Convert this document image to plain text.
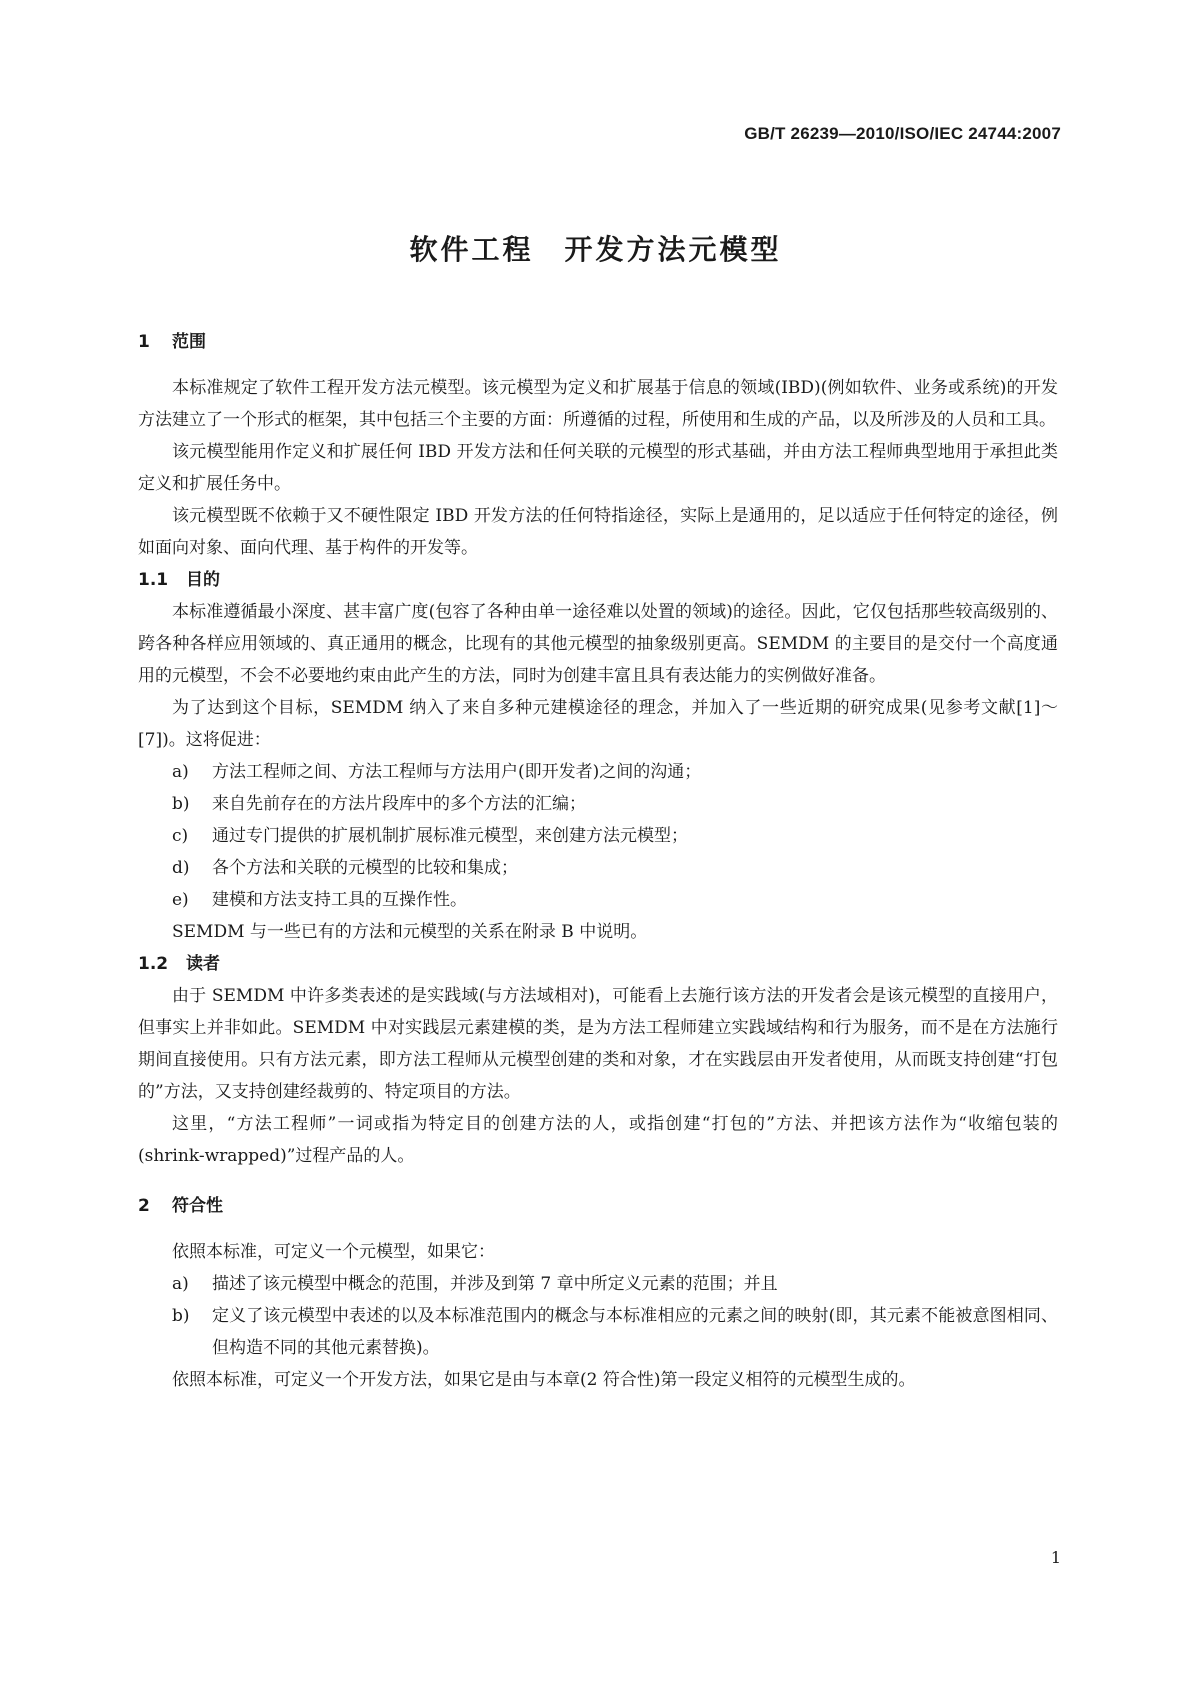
GB/T 26239—2010/ISO/IEC 24744:2007
软件工程　开发方法元模型
1	范围

本标准规定了软件工程开发方法元模型。该元模型为定义和扩展基于信息的领域(IBD)(例如软件、业务或系统)的开发方法建立了一个形式的框架，其中包括三个主要的方面：所遵循的过程，所使用和生成的产品，以及所涉及的人员和工具。

该元模型能用作定义和扩展任何 IBD 开发方法和任何关联的元模型的形式基础，并由方法工程师典型地用于承担此类定义和扩展任务中。

该元模型既不依赖于又不硬性限定 IBD 开发方法的任何特指途径，实际上是通用的，足以适应于任何特定的途径，例如面向对象、面向代理、基于构件的开发等。

1.1	目的

本标准遵循最小深度、甚丰富广度(包容了各种由单一途径难以处置的领域)的途径。因此，它仅包括那些较高级别的、跨各种各样应用领域的、真正通用的概念，比现有的其他元模型的抽象级别更高。SEMDM 的主要目的是交付一个高度通用的元模型，不会不必要地约束由此产生的方法，同时为创建丰富且具有表达能力的实例做好准备。

为了达到这个目标，SEMDM 纳入了来自多种元建模途径的理念，并加入了一些近期的研究成果(见参考文献[1]～[7])。这将促进：

a)	方法工程师之间、方法工程师与方法用户(即开发者)之间的沟通；
b)	来自先前存在的方法片段库中的多个方法的汇编；
c)	通过专门提供的扩展机制扩展标准元模型，来创建方法元模型；
d)	各个方法和关联的元模型的比较和集成；
e)	建模和方法支持工具的互操作性。

SEMDM 与一些已有的方法和元模型的关系在附录 B 中说明。

1.2	读者

由于 SEMDM 中许多类表述的是实践域(与方法域相对)，可能看上去施行该方法的开发者会是该元模型的直接用户，但事实上并非如此。SEMDM 中对实践层元素建模的类，是为方法工程师建立实践域结构和行为服务，而不是在方法施行期间直接使用。只有方法元素，即方法工程师从元模型创建的类和对象，才在实践层由开发者使用，从而既支持创建“打包的”方法，又支持创建经裁剪的、特定项目的方法。

这里，“方法工程师”一词或指为特定目的创建方法的人，或指创建“打包的”方法、并把该方法作为“收缩包装的(shrink-wrapped)”过程产品的人。

2	符合性

依照本标准，可定义一个元模型，如果它：

a)	描述了该元模型中概念的范围，并涉及到第 7 章中所定义元素的范围；并且
b)	定义了该元模型中表述的以及本标准范围内的概念与本标准相应的元素之间的映射(即，其元素不能被意图相同、但构造不同的其他元素替换)。

依照本标准，可定义一个开发方法，如果它是由与本章(2 符合性)第一段定义相符的元模型生成的。

1
